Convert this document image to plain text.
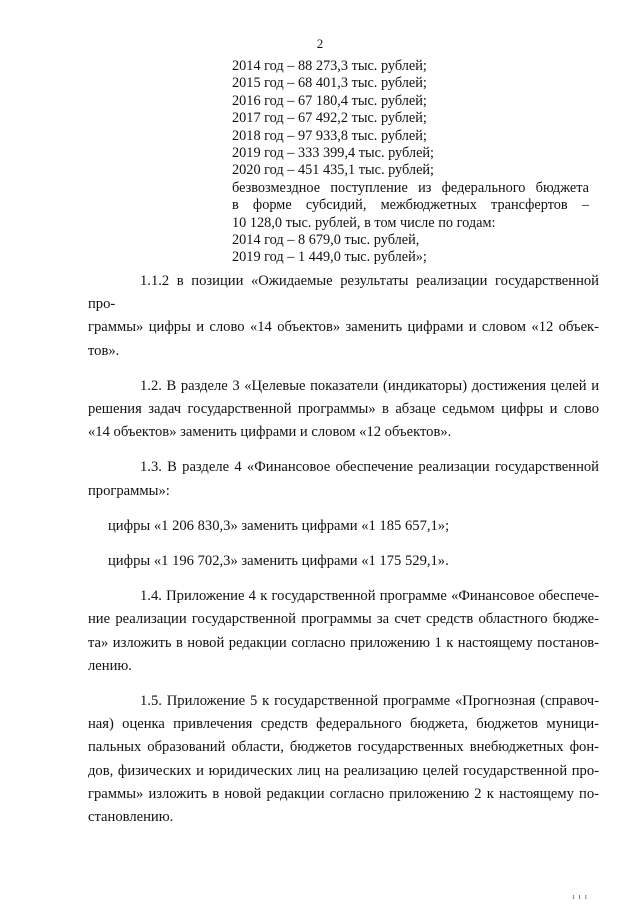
2
2014 год – 88 273,3 тыс. рублей;
2015 год – 68 401,3 тыс. рублей;
2016 год – 67 180,4 тыс. рублей;
2017 год – 67 492,2 тыс. рублей;
2018 год – 97 933,8 тыс. рублей;
2019 год – 333 399,4 тыс. рублей;
2020 год – 451 435,1 тыс. рублей;
безвозмездное поступление из федерального бюджета
в форме субсидий, межбюджетных трансфертов –
10 128,0 тыс. рублей, в том числе по годам:
2014 год – 8 679,0 тыс. рублей,
2019 год – 1 449,0 тыс. рублей»;
1.1.2 в позиции «Ожидаемые результаты реализации государственной про-
граммы» цифры и слово «14 объектов» заменить цифрами и словом «12 объек-
тов».
1.2. В разделе 3 «Целевые показатели (индикаторы) достижения целей и
решения задач государственной программы» в абзаце седьмом цифры и слово
«14 объектов» заменить цифрами и словом «12 объектов».
1.3. В разделе 4 «Финансовое обеспечение реализации государственной
программы»:
цифры «1 206 830,3» заменить цифрами «1 185 657,1»;
цифры «1 196 702,3» заменить цифрами «1 175 529,1».
1.4. Приложение 4 к государственной программе «Финансовое обеспече-
ние реализации государственной программы за счет средств областного бюдже-
та» изложить в новой редакции согласно приложению 1 к настоящему постанов-
лению.
1.5. Приложение 5 к государственной программе «Прогнозная (справоч-
ная) оценка привлечения средств федерального бюджета, бюджетов муници-
пальных образований области, бюджетов государственных внебюджетных фон-
дов, физических и юридических лиц на реализацию целей государственной про-
граммы» изложить в новой редакции согласно приложению 2 к настоящему по-
становлению.
ı ı ı
